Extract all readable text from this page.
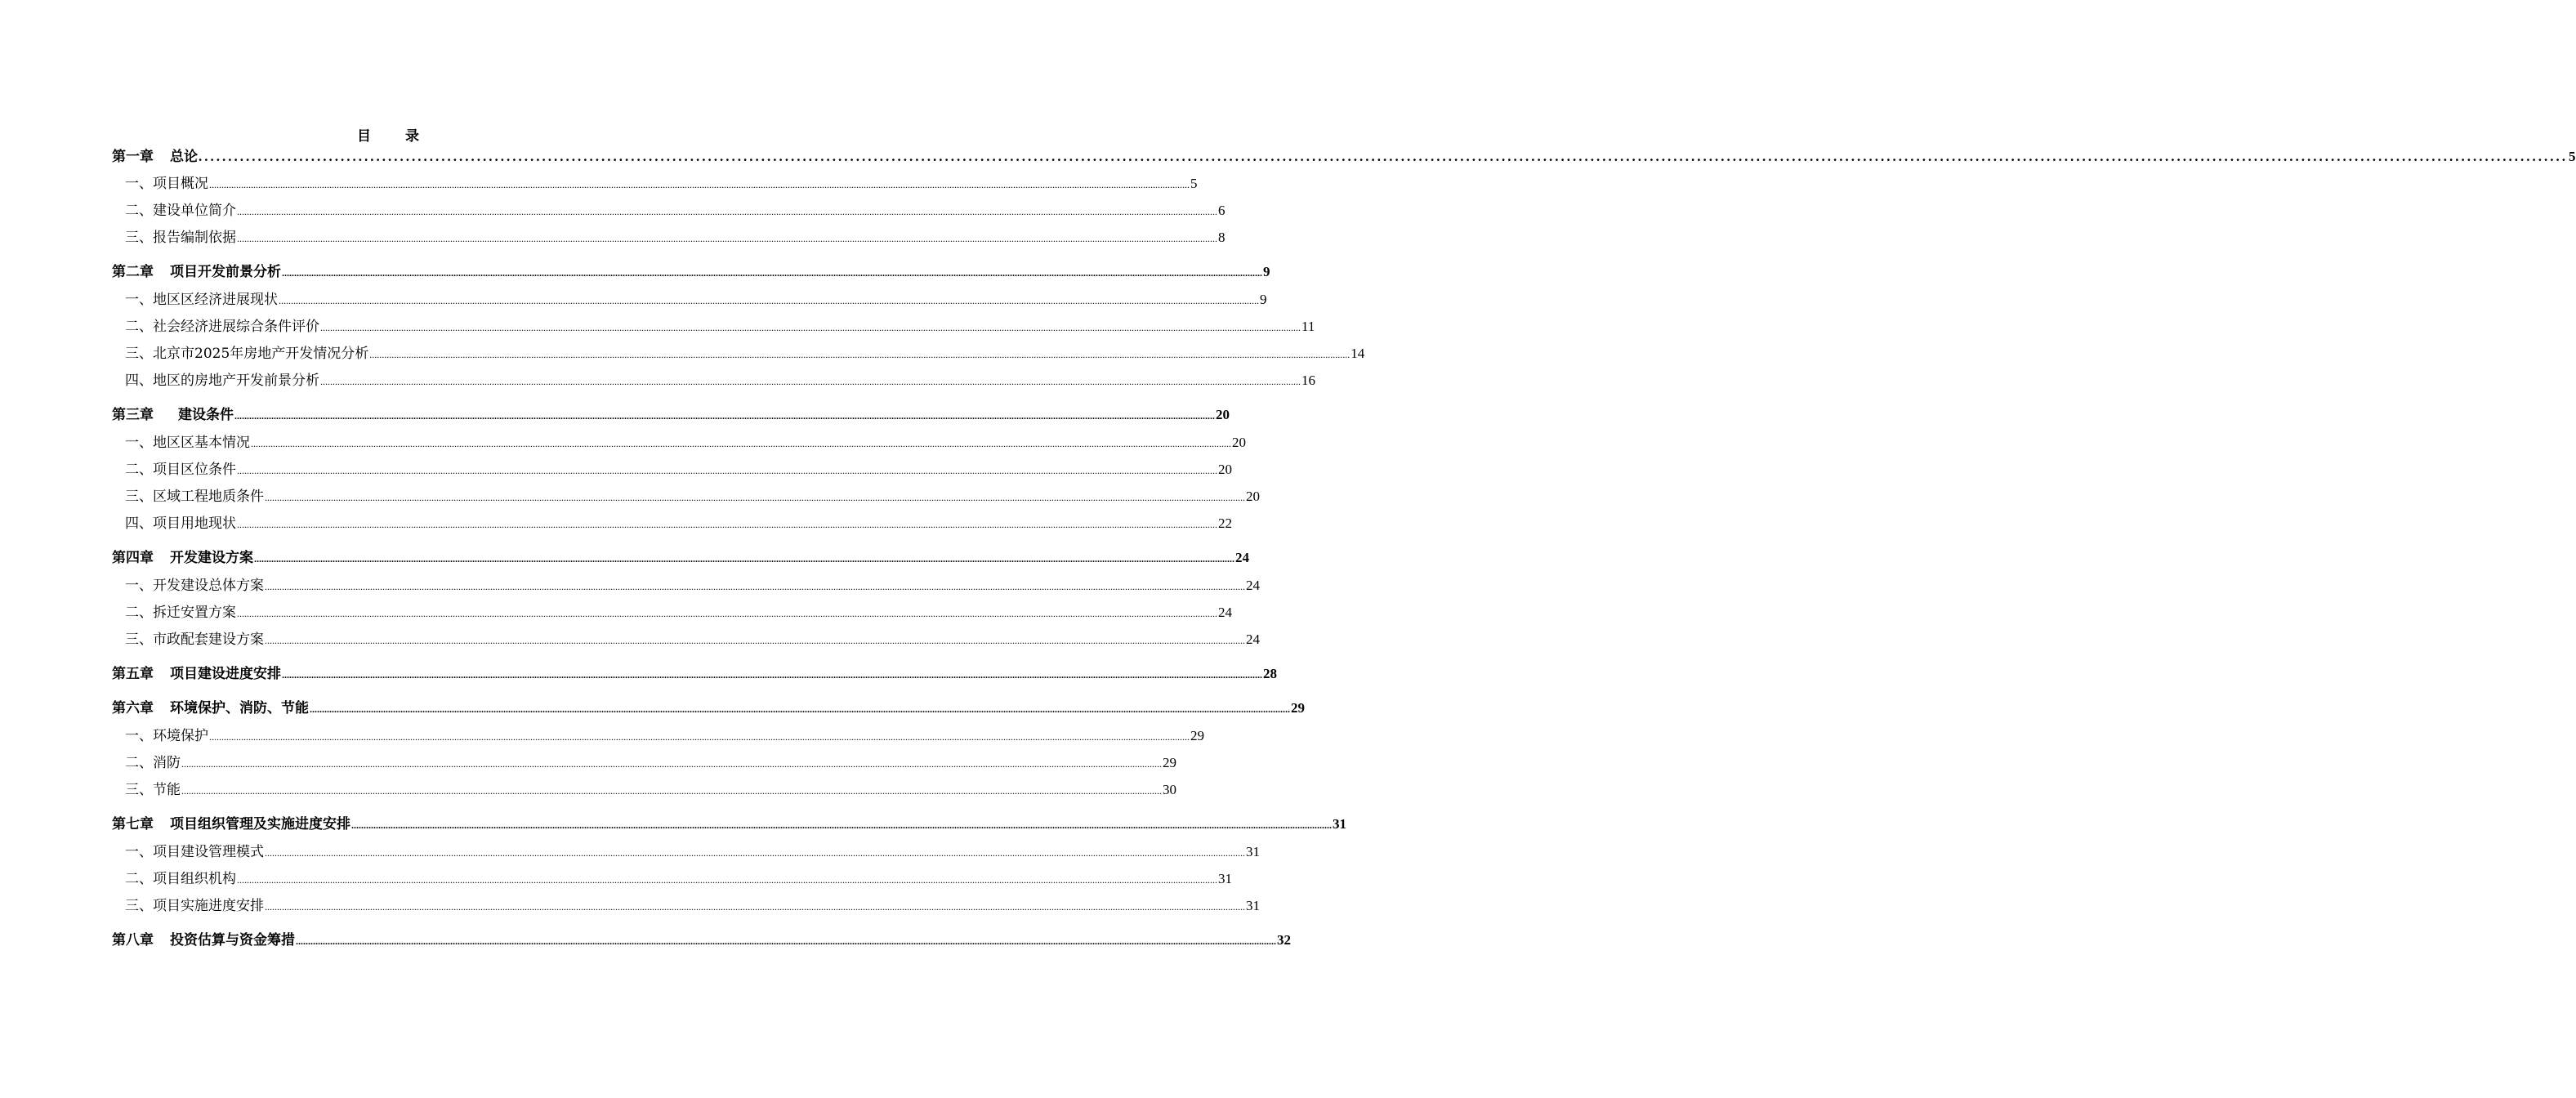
目 录
第一章 总论 ................................................................................................................................................................................................................................................................................................................................................................................................................ 5
一、项目概况 ................................................................................................................................................................................................................................................................................................................................................................................................................ 5
二、建设单位简介 ................................................................................................................................................................................................................................................................................................................................................................................................................ 6
三、报告编制依据 ................................................................................................................................................................................................................................................................................................................................................................................................................ 8
第二章 项目开发前景分析 ................................................................................................................................................................................................................................................................................................................................................................................................................ 9
一、地区区经济进展现状 ................................................................................................................................................................................................................................................................................................................................................................................................................ 9
二、社会经济进展综合条件评价 ................................................................................................................................................................................................................................................................................................................................................................................................................ 11
三、北京市2025年房地产开发情况分析 ................................................................................................................................................................................................................................................................................................................................................................................................................ 14
四、地区的房地产开发前景分析 ................................................................................................................................................................................................................................................................................................................................................................................................................ 16
第三章 建设条件 ................................................................................................................................................................................................................................................................................................................................................................................................................ 20
一、地区区基本情况 ................................................................................................................................................................................................................................................................................................................................................................................................................ 20
二、项目区位条件 ................................................................................................................................................................................................................................................................................................................................................................................................................ 20
三、区域工程地质条件 ................................................................................................................................................................................................................................................................................................................................................................................................................ 20
四、项目用地现状 ................................................................................................................................................................................................................................................................................................................................................................................................................ 22
第四章 开发建设方案 ................................................................................................................................................................................................................................................................................................................................................................................................................ 24
一、开发建设总体方案 ................................................................................................................................................................................................................................................................................................................................................................................................................ 24
二、拆迁安置方案 ................................................................................................................................................................................................................................................................................................................................................................................................................ 24
三、市政配套建设方案 ................................................................................................................................................................................................................................................................................................................................................................................................................ 24
第五章 项目建设进度安排 ................................................................................................................................................................................................................................................................................................................................................................................................................ 28
第六章 环境保护、消防、节能 ................................................................................................................................................................................................................................................................................................................................................................................................................ 29
一、环境保护 ................................................................................................................................................................................................................................................................................................................................................................................................................ 29
二、消防 ................................................................................................................................................................................................................................................................................................................................................................................................................ 29
三、节能 ................................................................................................................................................................................................................................................................................................................................................................................................................ 30
第七章 项目组织管理及实施进度安排 ................................................................................................................................................................................................................................................................................................................................................................................................................ 31
一、项目建设管理模式 ................................................................................................................................................................................................................................................................................................................................................................................................................ 31
二、项目组织机构 ................................................................................................................................................................................................................................................................................................................................................................................................................ 31
三、项目实施进度安排 ................................................................................................................................................................................................................................................................................................................................................................................................................ 31
第八章 投资估算与资金筹措 ................................................................................................................................................................................................................................................................................................................................................................................................................ 32
